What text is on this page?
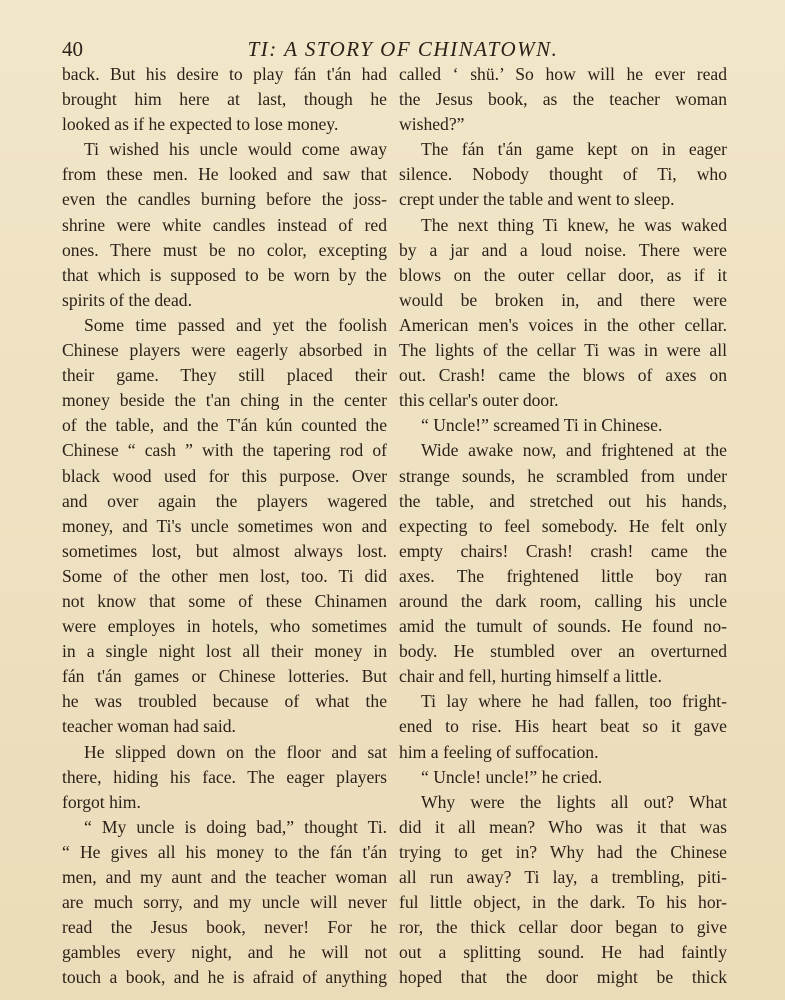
40	TI: A STORY OF CHINATOWN.
back. But his desire to play fán t'án had
brought him here at last, though he
looked as if he expected to lose money.
Ti wished his uncle would come away
from these men. He looked and saw that
even the candles burning before the joss-
shrine were white candles instead of red
ones. There must be no color, excepting
that which is supposed to be worn by the
spirits of the dead.
Some time passed and yet the foolish
Chinese players were eagerly absorbed in
their game. They still placed their
money beside the t'an ching in the center
of the table, and the T'án kún counted the
Chinese “ cash ” with the tapering rod of
black wood used for this purpose. Over
and over again the players wagered
money, and Ti's uncle sometimes won and
sometimes lost, but almost always lost.
Some of the other men lost, too. Ti did
not know that some of these Chinamen
were employes in hotels, who sometimes
in a single night lost all their money in
fán t'án games or Chinese lotteries. But
he was troubled because of what the
teacher woman had said.
He slipped down on the floor and sat
there, hiding his face. The eager players
forgot him.
“ My uncle is doing bad,” thought Ti.
“ He gives all his money to the fán t'án
men, and my aunt and the teacher woman
are much sorry, and my uncle will never
read the Jesus book, never! For he
gambles every night, and he will not
touch a book, and he is afraid of anything
called ‘ shü.’ So how will he ever read
the Jesus book, as the teacher woman
wished?”
The fán t'án game kept on in eager
silence. Nobody thought of Ti, who
crept under the table and went to sleep.
The next thing Ti knew, he was waked
by a jar and a loud noise. There were
blows on the outer cellar door, as if it
would be broken in, and there were
American men's voices in the other cellar.
The lights of the cellar Ti was in were all
out. Crash! came the blows of axes on
this cellar's outer door.
“ Uncle!” screamed Ti in Chinese.
Wide awake now, and frightened at the
strange sounds, he scrambled from under
the table, and stretched out his hands,
expecting to feel somebody. He felt only
empty chairs! Crash! crash! came the
axes. The frightened little boy ran
around the dark room, calling his uncle
amid the tumult of sounds. He found no-
body. He stumbled over an overturned
chair and fell, hurting himself a little.
Ti lay where he had fallen, too fright-
ened to rise. His heart beat so it gave
him a feeling of suffocation.
“ Uncle! uncle!” he cried.
Why were the lights all out? What
did it all mean? Who was it that was
trying to get in? Why had the Chinese
all run away? Ti lay, a trembling, piti-
ful little object, in the dark. To his hor-
ror, the thick cellar door began to give
out a splitting sound. He had faintly
hoped that the door might be thick
